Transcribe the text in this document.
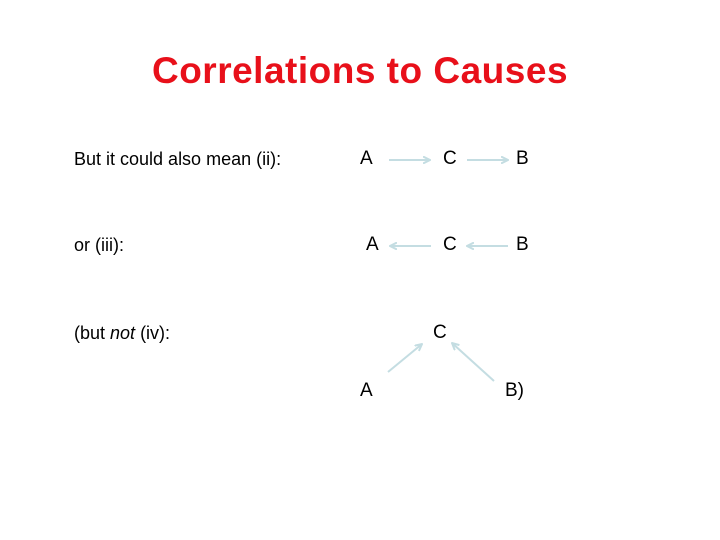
Correlations to Causes
But it could also mean (ii):	A	C	B
or (iii):	A	C	B
(but not (iv):	C
A	B)
